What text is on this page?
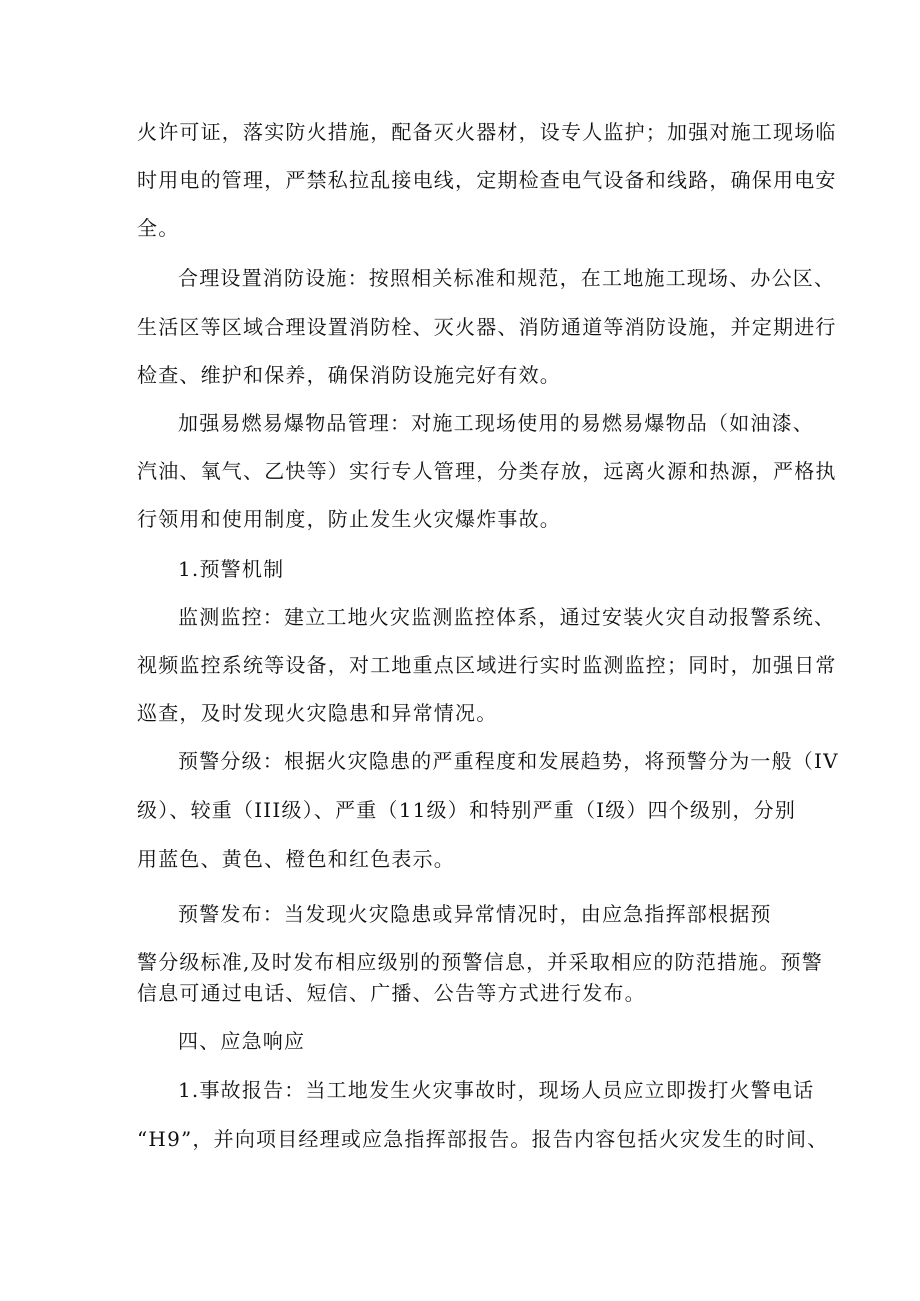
火许可证，落实防火措施，配备灭火器材，设专人监护；加强对施工现场临
时用电的管理，严禁私拉乱接电线，定期检查电气设备和线路，确保用电安
全。
合理设置消防设施：按照相关标准和规范，在工地施工现场、办公区、
生活区等区域合理设置消防栓、灭火器、消防通道等消防设施，并定期进行
检查、维护和保养，确保消防设施完好有效。
加强易燃易爆物品管理：对施工现场使用的易燃易爆物品（如油漆、
汽油、氧气、乙快等）实行专人管理，分类存放，远离火源和热源，严格执
行领用和使用制度，防止发生火灾爆炸事故。
1.预警机制
监测监控：建立工地火灾监测监控体系，通过安装火灾自动报警系统、
视频监控系统等设备，对工地重点区域进行实时监测监控；同时，加强日常
巡查，及时发现火灾隐患和异常情况。
预警分级：根据火灾隐患的严重程度和发展趋势，将预警分为一般（IV
级）、较重（III级）、严重（11级）和特别严重（I级）四个级别，分别
用蓝色、黄色、橙色和红色表示。
预警发布：当发现火灾隐患或异常情况时，由应急指挥部根据预
警分级标准,及时发布相应级别的预警信息，并采取相应的防范措施。预警
信息可通过电话、短信、广播、公告等方式进行发布。
四、应急响应
1.事故报告：当工地发生火灾事故时，现场人员应立即拨打火警电话
“H9”，并向项目经理或应急指挥部报告。报告内容包括火灾发生的时间、
